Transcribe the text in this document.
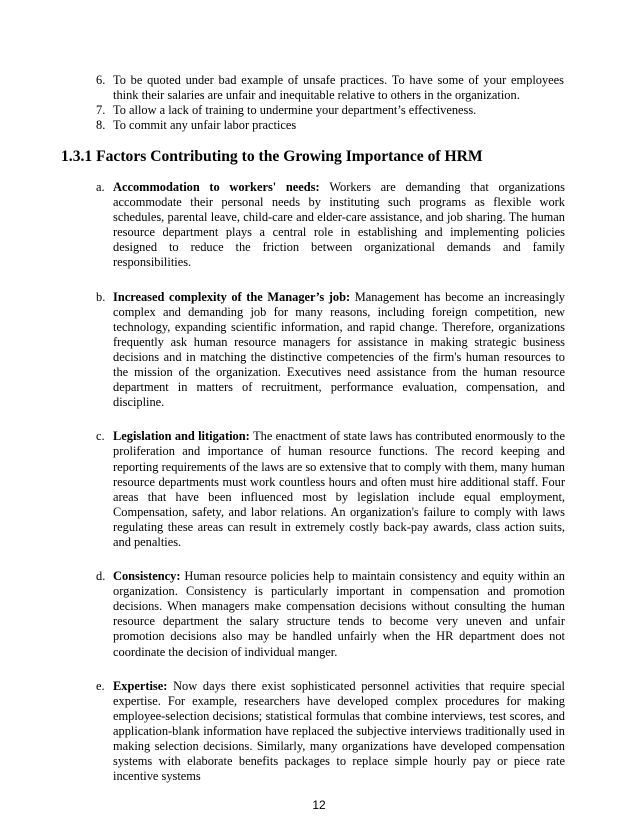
6. To be quoted under bad example of unsafe practices. To have some of your employees think their salaries are unfair and inequitable relative to others in the organization.
7. To allow a lack of training to undermine your department’s effectiveness.
8. To commit any unfair labor practices
1.3.1 Factors Contributing to the Growing Importance of HRM
a. Accommodation to workers' needs: Workers are demanding that organizations accommodate their personal needs by instituting such programs as flexible work schedules, parental leave, child-care and elder-care assistance, and job sharing. The human resource department plays a central role in establishing and implementing policies designed to reduce the friction between organizational demands and family responsibilities.
b. Increased complexity of the Manager’s job: Management has become an increasingly complex and demanding job for many reasons, including foreign competition, new technology, expanding scientific information, and rapid change. Therefore, organizations frequently ask human resource managers for assistance in making strategic business decisions and in matching the distinctive competencies of the firm's human resources to the mission of the organization. Executives need assistance from the human resource department in matters of recruitment, performance evaluation, compensation, and discipline.
c. Legislation and litigation: The enactment of state laws has contributed enormously to the proliferation and importance of human resource functions. The record keeping and reporting requirements of the laws are so extensive that to comply with them, many human resource departments must work countless hours and often must hire additional staff. Four areas that have been influenced most by legislation include equal employment, Compensation, safety, and labor relations. An organization's failure to comply with laws regulating these areas can result in extremely costly back-pay awards, class action suits, and penalties.
d. Consistency: Human resource policies help to maintain consistency and equity within an organization. Consistency is particularly important in compensation and promotion decisions. When managers make compensation decisions without consulting the human resource department the salary structure tends to become very uneven and unfair promotion decisions also may be handled unfairly when the HR department does not coordinate the decision of individual manger.
e. Expertise: Now days there exist sophisticated personnel activities that require special expertise. For example, researchers have developed complex procedures for making employee-selection decisions; statistical formulas that combine interviews, test scores, and application-blank information have replaced the subjective interviews traditionally used in making selection decisions. Similarly, many organizations have developed compensation systems with elaborate benefits packages to replace simple hourly pay or piece rate incentive systems
12
